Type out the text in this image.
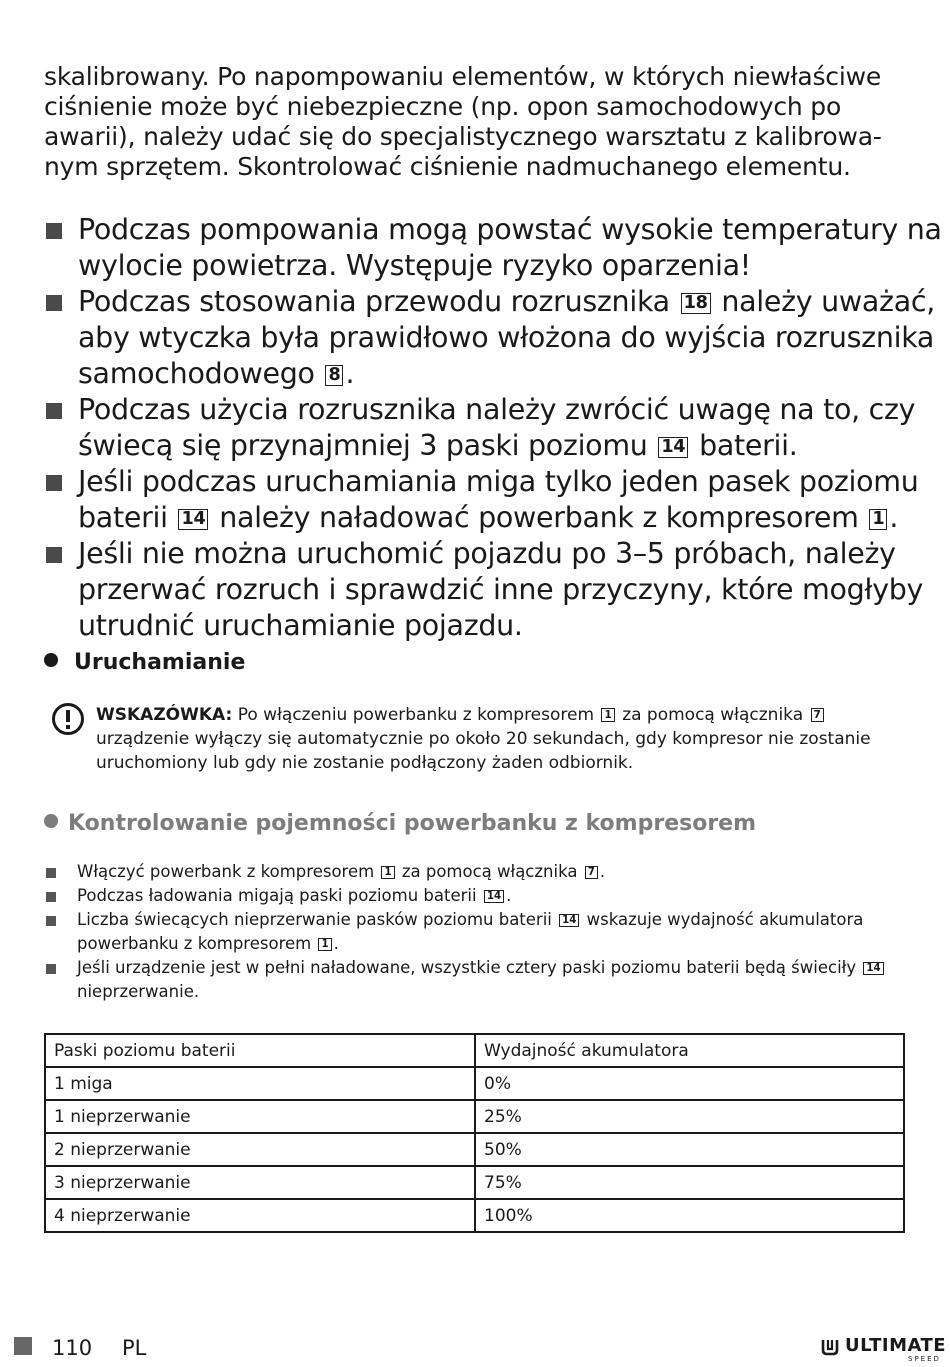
skalibrowany. Po napompowaniu elementów, w których niewłaściwe
ciśnienie może być niebezpieczne (np. opon samochodowych po
awarii), należy udać się do specjalistycznego warsztatu z kalibrowa-
nym sprzętem. Skontrolować ciśnienie nadmuchanego elementu.
Podczas pompowania mogą powstać wysokie temperatury na
wylocie powietrza. Występuje ryzyko oparzenia!
Podczas stosowania przewodu rozrusznika 18 należy uważać,
aby wtyczka była prawidłowo włożona do wyjścia rozrusznika
samochodowego 8 .
Podczas użycia rozrusznika należy zwrócić uwagę na to, czy
świecą się przynajmniej 3 paski poziomu 14 baterii.
Jeśli podczas uruchamiania miga tylko jeden pasek poziomu
baterii 14 należy naładować powerbank z kompresorem 1 .
Jeśli nie można uruchomić pojazdu po 3–5 próbach, należy
przerwać rozruch i sprawdzić inne przyczyny, które mogłyby
utrudnić uruchamianie pojazdu.
Uruchamianie
WSKAZÓWKA: Po włączeniu powerbanku z kompresorem 1 za pomocą włącznika 7
urządzenie wyłączy się automatycznie po około 20 sekundach, gdy kompresor nie zostanie
uruchomiony lub gdy nie zostanie podłączony żaden odbiornik.
Kontrolowanie pojemności powerbanku z kompresorem
Włączyć powerbank z kompresorem 1 za pomocą włącznika 7 .
Podczas ładowania migają paski poziomu baterii 14 .
Liczba świecących nieprzerwanie pasków poziomu baterii 14 wskazuje wydajność akumulatora
powerbanku z kompresorem 1 .
Jeśli urządzenie jest w pełni naładowane, wszystkie cztery paski poziomu baterii będą świeciły 14
nieprzerwanie.
Paski poziomu baterii	Wydajność akumulatora
1 miga	0%
1 nieprzerwanie	25%
2 nieprzerwanie	50%
3 nieprzerwanie	75%
4 nieprzerwanie	100%
110 PL	ULTIMATE
SPEED
